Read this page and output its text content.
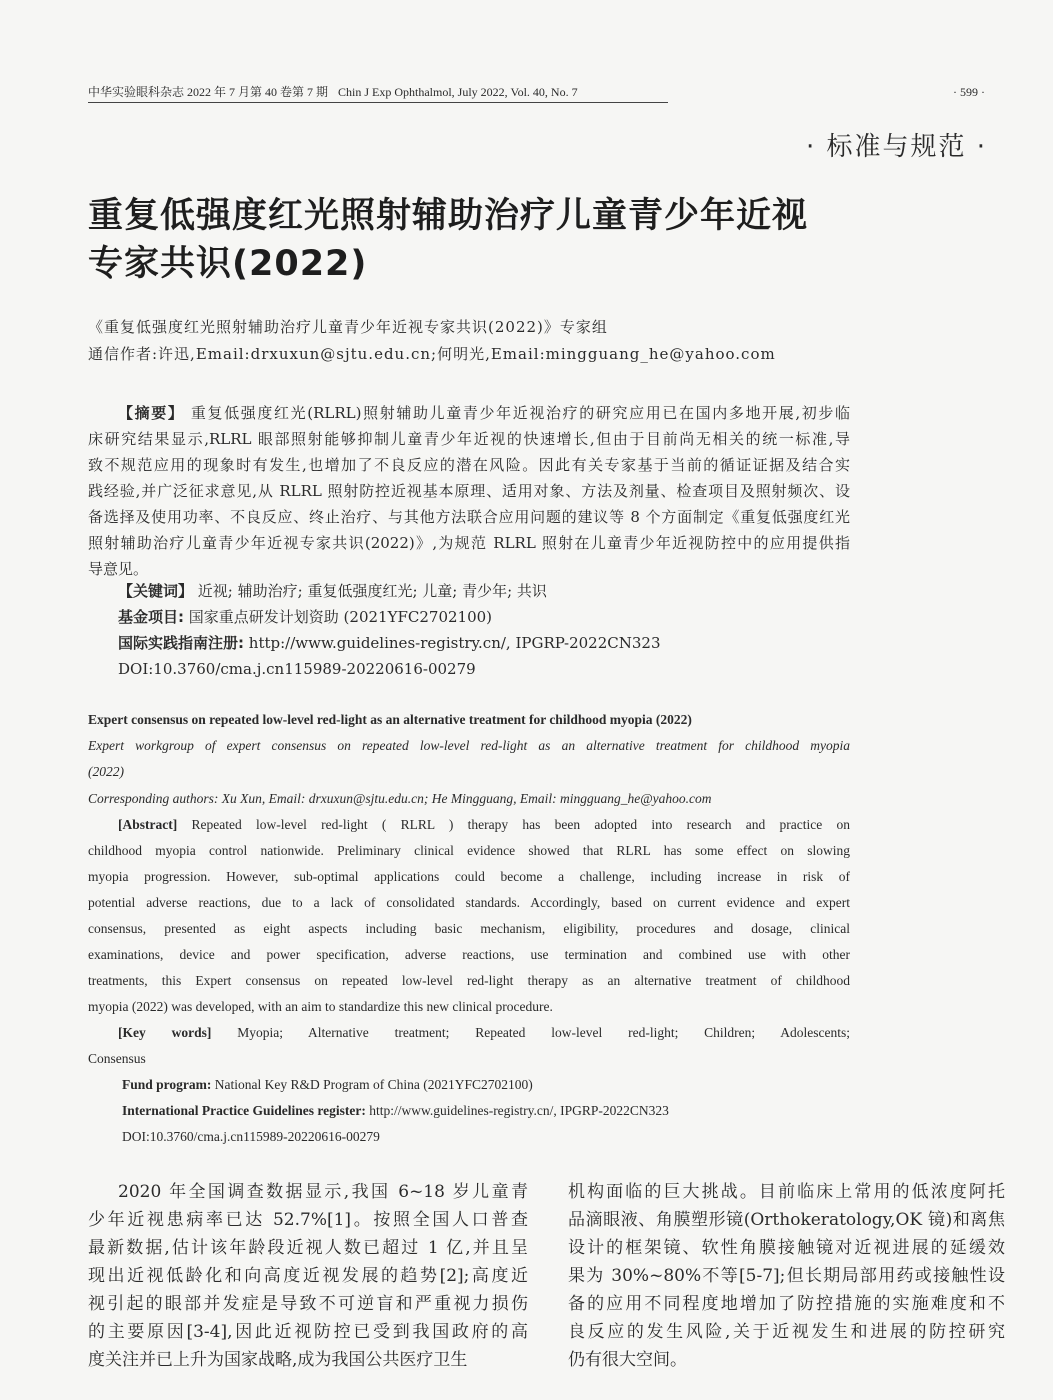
中华实验眼科杂志 2022 年 7 月第 40 卷第 7 期 Chin J Exp Ophthalmol, July 2022, Vol. 40, No. 7	· 599 ·
· 标准与规范 ·
重复低强度红光照射辅助治疗儿童青少年近视
专家共识(2022)
《重复低强度红光照射辅助治疗儿童青少年近视专家共识(2022)》专家组
通信作者:许迅,Email:drxuxun@sjtu.edu.cn;何明光,Email:mingguang_he@yahoo.com
【摘要】 重复低强度红光(RLRL)照射辅助儿童青少年近视治疗的研究应用已在国内多地开展,初步临
床研究结果显示,RLRL 眼部照射能够抑制儿童青少年近视的快速增长,但由于目前尚无相关的统一标准,导
致不规范应用的现象时有发生,也增加了不良反应的潜在风险。因此有关专家基于当前的循证证据及结合实
践经验,并广泛征求意见,从 RLRL 照射防控近视基本原理、适用对象、方法及剂量、检查项目及照射频次、设
备选择及使用功率、不良反应、终止治疗、与其他方法联合应用问题的建议等 8 个方面制定《重复低强度红光
照射辅助治疗儿童青少年近视专家共识(2022)》,为规范 RLRL 照射在儿童青少年近视防控中的应用提供指
导意见。
【关键词】 近视; 辅助治疗; 重复低强度红光; 儿童; 青少年; 共识
基金项目: 国家重点研发计划资助 (2021YFC2702100)
国际实践指南注册: http://www.guidelines-registry.cn/, IPGRP-2022CN323
DOI:10.3760/cma.j.cn115989-20220616-00279
Expert consensus on repeated low-level red-light as an alternative treatment for childhood myopia (2022)
Expert workgroup of expert consensus on repeated low-level red-light as an alternative treatment for childhood myopia
(2022)
Corresponding authors: Xu Xun, Email: drxuxun@sjtu.edu.cn; He Mingguang, Email: mingguang_he@yahoo.com
[Abstract] Repeated low-level red-light ( RLRL ) therapy has been adopted into research and practice on
childhood myopia control nationwide. Preliminary clinical evidence showed that RLRL has some effect on slowing
myopia progression. However, sub-optimal applications could become a challenge, including increase in risk of
potential adverse reactions, due to a lack of consolidated standards. Accordingly, based on current evidence and expert
consensus, presented as eight aspects including basic mechanism, eligibility, procedures and dosage, clinical
examinations, device and power specification, adverse reactions, use termination and combined use with other
treatments, this Expert consensus on repeated low-level red-light therapy as an alternative treatment of childhood
myopia (2022) was developed, with an aim to standardize this new clinical procedure.
[Key words] Myopia; Alternative treatment; Repeated low-level red-light; Children; Adolescents;
Consensus
Fund program: National Key R&D Program of China (2021YFC2702100)
International Practice Guidelines register: http://www.guidelines-registry.cn/, IPGRP-2022CN323
DOI:10.3760/cma.j.cn115989-20220616-00279
2020 年全国调查数据显示,我国 6~18 岁儿童青
少年近视患病率已达 52.7%[1]。按照全国人口普查
最新数据,估计该年龄段近视人数已超过 1 亿,并且呈
现出近视低龄化和向高度近视发展的趋势[2];高度近
视引起的眼部并发症是导致不可逆盲和严重视力损伤
的主要原因[3-4],因此近视防控已受到我国政府的高
度关注并已上升为国家战略,成为我国公共医疗卫生
机构面临的巨大挑战。目前临床上常用的低浓度阿托
品滴眼液、角膜塑形镜(Orthokeratology,OK 镜)和离焦
设计的框架镜、软性角膜接触镜对近视进展的延缓效
果为 30%~80%不等[5-7];但长期局部用药或接触性设
备的应用不同程度地增加了防控措施的实施难度和不
良反应的发生风险,关于近视发生和进展的防控研究
仍有很大空间。
